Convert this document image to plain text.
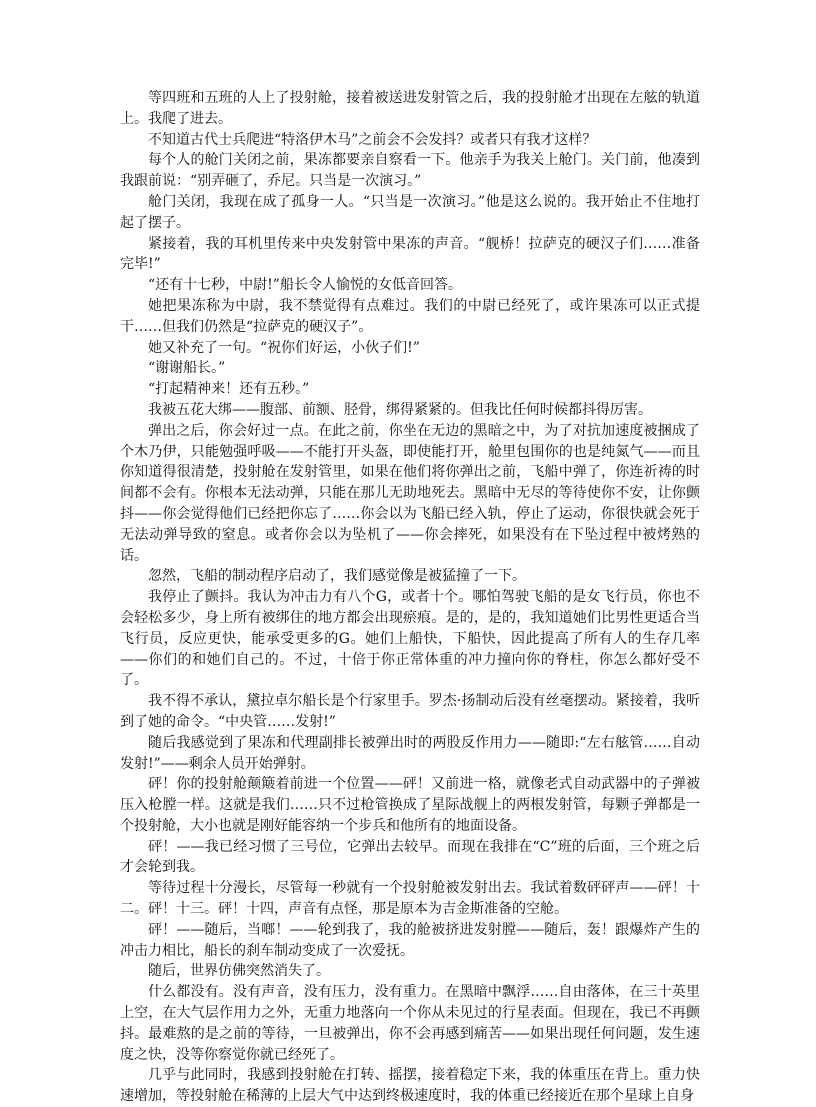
等四班和五班的人上了投射舱，接着被送进发射管之后，我的投射舱才出现在左舷的轨道上。我爬了进去。

不知道古代士兵爬进“特洛伊木马”之前会不会发抖？或者只有我才这样？

每个人的舱门关闭之前，果冻都要亲自察看一下。他亲手为我关上舱门。关门前，他凑到我跟前说：“别弄砸了，乔尼。只当是一次演习。”

舱门关闭，我现在成了孤身一人。“只当是一次演习。”他是这么说的。我开始止不住地打起了摆子。

紧接着，我的耳机里传来中央发射管中果冻的声音。“舰桥！拉萨克的硬汉子们……准备完毕!”

“还有十七秒，中尉!”船长令人愉悦的女低音回答。

她把果冻称为中尉，我不禁觉得有点难过。我们的中尉已经死了，或许果冻可以正式提干……但我们仍然是“拉萨克的硬汉子”。

她又补充了一句。“祝你们好运，小伙子们!”

“谢谢船长。”

“打起精神来！还有五秒。”

我被五花大绑——腹部、前额、胫骨，绑得紧紧的。但我比任何时候都抖得厉害。

弹出之后，你会好过一点。在此之前，你坐在无边的黑暗之中，为了对抗加速度被捆成了个木乃伊，只能勉强呼吸——不能打开头盔，即使能打开，舱里包围你的也是纯氮气——而且你知道得很清楚，投射舱在发射管里，如果在他们将你弹出之前，飞船中弹了，你连祈祷的时间都不会有。你根本无法动弹，只能在那儿无助地死去。黑暗中无尽的等待使你不安，让你颤抖——你会觉得他们已经把你忘了……你会以为飞船已经入轨，停止了运动，你很快就会死于无法动弹导致的窒息。或者你会以为坠机了——你会摔死，如果没有在下坠过程中被烤熟的话。

忽然，飞船的制动程序启动了，我们感觉像是被猛撞了一下。

我停止了颤抖。我认为冲击力有八个G，或者十个。哪怕驾驶飞船的是女飞行员，你也不会轻松多少，身上所有被绑住的地方都会出现瘀痕。是的，是的，我知道她们比男性更适合当飞行员，反应更快，能承受更多的G。她们上船快，下船快，因此提高了所有人的生存几率——你们的和她们自己的。不过，十倍于你正常体重的冲力撞向你的脊柱，你怎么都好受不了。

我不得不承认，黛拉卓尔船长是个行家里手。罗杰·扬制动后没有丝毫摆动。紧接着，我听到了她的命令。“中央管……发射!”

随后我感觉到了果冻和代理副排长被弹出时的两股反作用力——随即:“左右舷管……自动发射!”——剩余人员开始弹射。

砰！你的投射舱颠簸着前进一个位置——砰！又前进一格，就像老式自动武器中的子弹被压入枪膛一样。这就是我们……只不过枪管换成了星际战舰上的两根发射管，每颗子弹都是一个投射舱，大小也就是刚好能容纳一个步兵和他所有的地面设备。

砰！——我已经习惯了三号位，它弹出去较早。而现在我排在“C”班的后面，三个班之后才会轮到我。

等待过程十分漫长，尽管每一秒就有一个投射舱被发射出去。我试着数砰砰声——砰！十二。砰！十三。砰！十四，声音有点怪，那是原本为吉金斯准备的空舱。

砰！——随后，当啷！——轮到我了，我的舱被挤进发射膛——随后，轰！跟爆炸产生的冲击力相比，船长的刹车制动变成了一次爱抚。

随后，世界仿佛突然消失了。

什么都没有。没有声音，没有压力，没有重力。在黑暗中飘浮……自由落体，在三十英里上空，在大气层作用力之外，无重力地落向一个你从未见过的行星表面。但现在，我已不再颤抖。最难熬的是之前的等待，一旦被弹出，你不会再感到痛苦——如果出现任何问题，发生速度之快，没等你察觉你就已经死了。

几乎与此同时，我感到投射舱在打转、摇摆，接着稳定下来，我的体重压在背上。重力快速增加，等投射舱在稀薄的上层大气中达到终极速度时，我的体重已经接近在那个星球上自身
